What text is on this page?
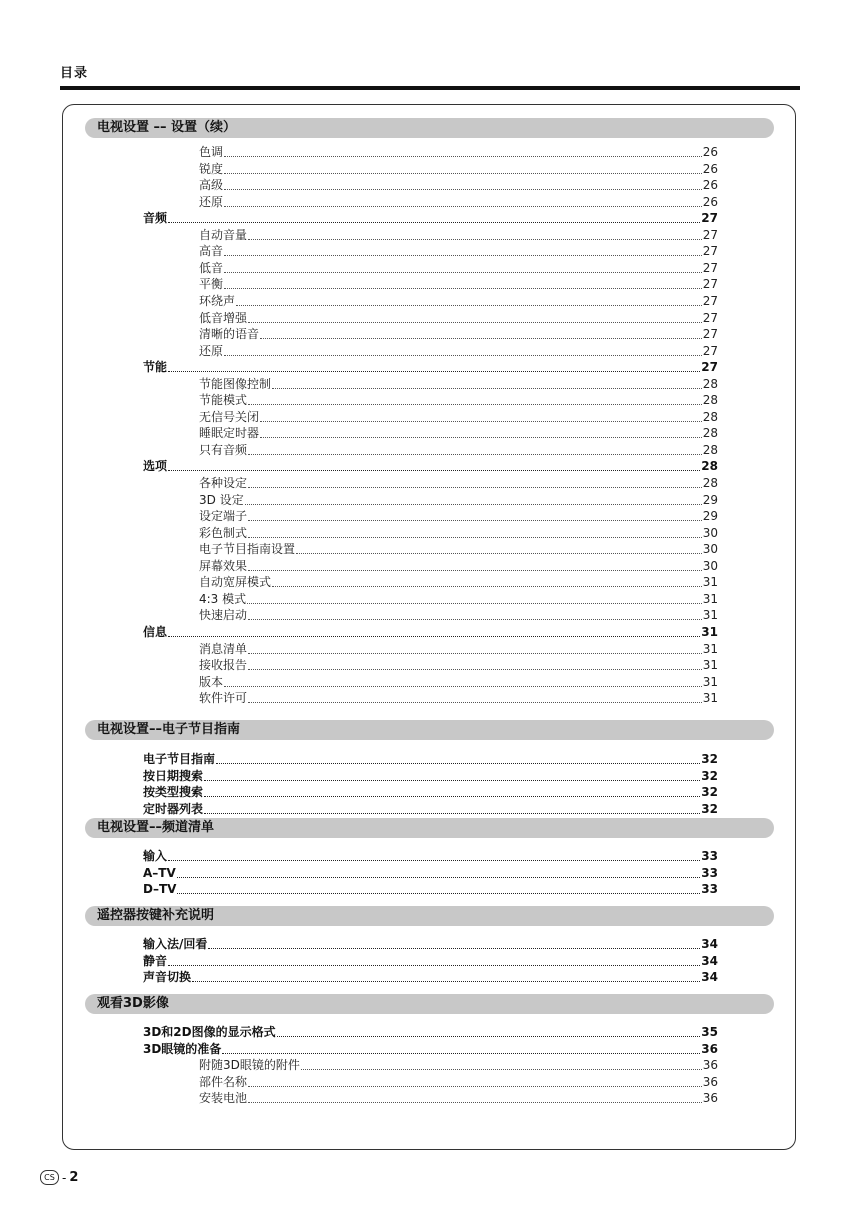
目录
电视设置 –– 设置（续）
色调	26
锐度	26
高级	26
还原	26
音频	27
自动音量	27
高音	27
低音	27
平衡	27
环绕声	27
低音增强	27
清晰的语音	27
还原	27
节能	27
节能图像控制	28
节能模式	28
无信号关闭	28
睡眠定时器	28
只有音频	28
选项	28
各种设定	28
3D 设定	29
设定端子	29
彩色制式	30
电子节目指南设置	30
屏幕效果	30
自动宽屏模式	31
4:3 模式	31
快速启动	31
信息	31
消息清单	31
接收报告	31
版本	31
软件许可	31
电视设置––电子节目指南
电子节目指南	32
按日期搜索	32
按类型搜索	32
定时器列表	32
电视设置––频道清单
输入	33
A–TV	33
D–TV	33
遥控器按键补充说明
输入法/回看	34
静音	34
声音切换	34
观看3D影像
3D和2D图像的显示格式	35
3D眼镜的准备	36
附随3D眼镜的附件	36
部件名称	36
安装电池	36
CS - 2
